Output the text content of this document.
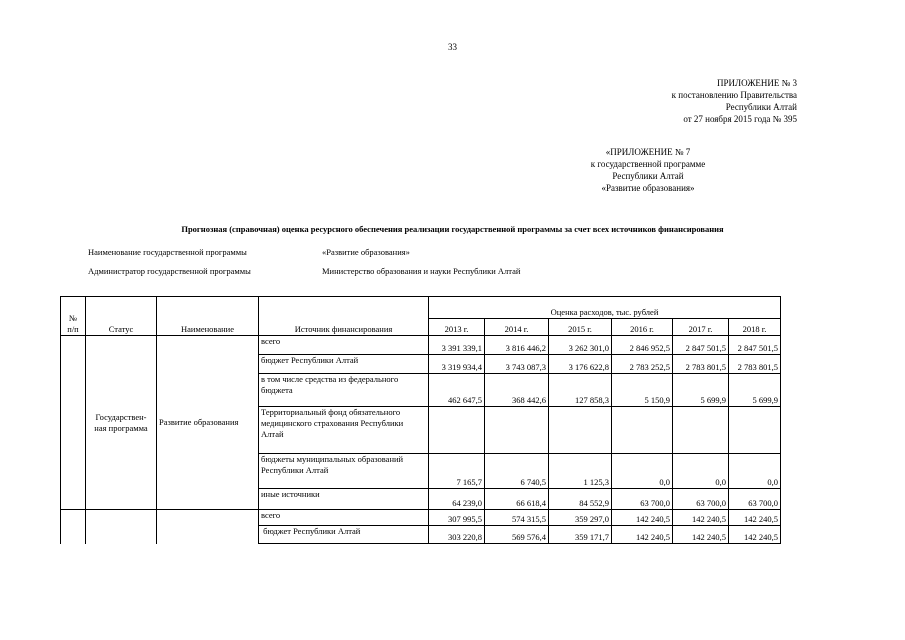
33
ПРИЛОЖЕНИЕ № 3
к постановлению Правительства
Республики Алтай
от 27 ноября 2015 года № 395
«ПРИЛОЖЕНИЕ № 7
к государственной программе
Республики Алтай
«Развитие образования»
Прогнозная (справочная) оценка ресурсного обеспечения реализации государственной программы за счет всех источников финансирования
Наименование государственной программы	«Развитие образования»
Администратор государственной программы	Министерство образования и науки Республики Алтай
№
п/п	Статус	Наименование	Источник финансирования	Оценка расходов, тыс. рублей					
				2013 г.	2014 г.	2015 г.	2016 г.	2017 г.	2018 г.
	Государствен-
ная программа	Развитие образования	всего	3 391 339,1	3 816 446,2	3 262 301,0	2 846 952,5	2 847 501,5	2 847 501,5
			бюджет Республики Алтай	3 319 934,4	3 743 087,3	3 176 622,8	2 783 252,5	2 783 801,5	2 783 801,5
			в том числе средства из федерального бюджета	462 647,5	368 442,6	127 858,3	5 150,9	5 699,9	5 699,9
			Территориальный фонд обязательного медицинского страхования Республики Алтай						
			бюджеты муниципальных образований Республики Алтай	7 165,7	6 740,5	1 125,3	0,0	0,0	0,0
			иные источники	64 239,0	66 618,4	84 552,9	63 700,0	63 700,0	63 700,0
			всего	307 995,5	574 315,5	359 297,0	142 240,5	142 240,5	142 240,5
			бюджет Республики Алтай	303 220,8	569 576,4	359 171,7	142 240,5	142 240,5	142 240,5
